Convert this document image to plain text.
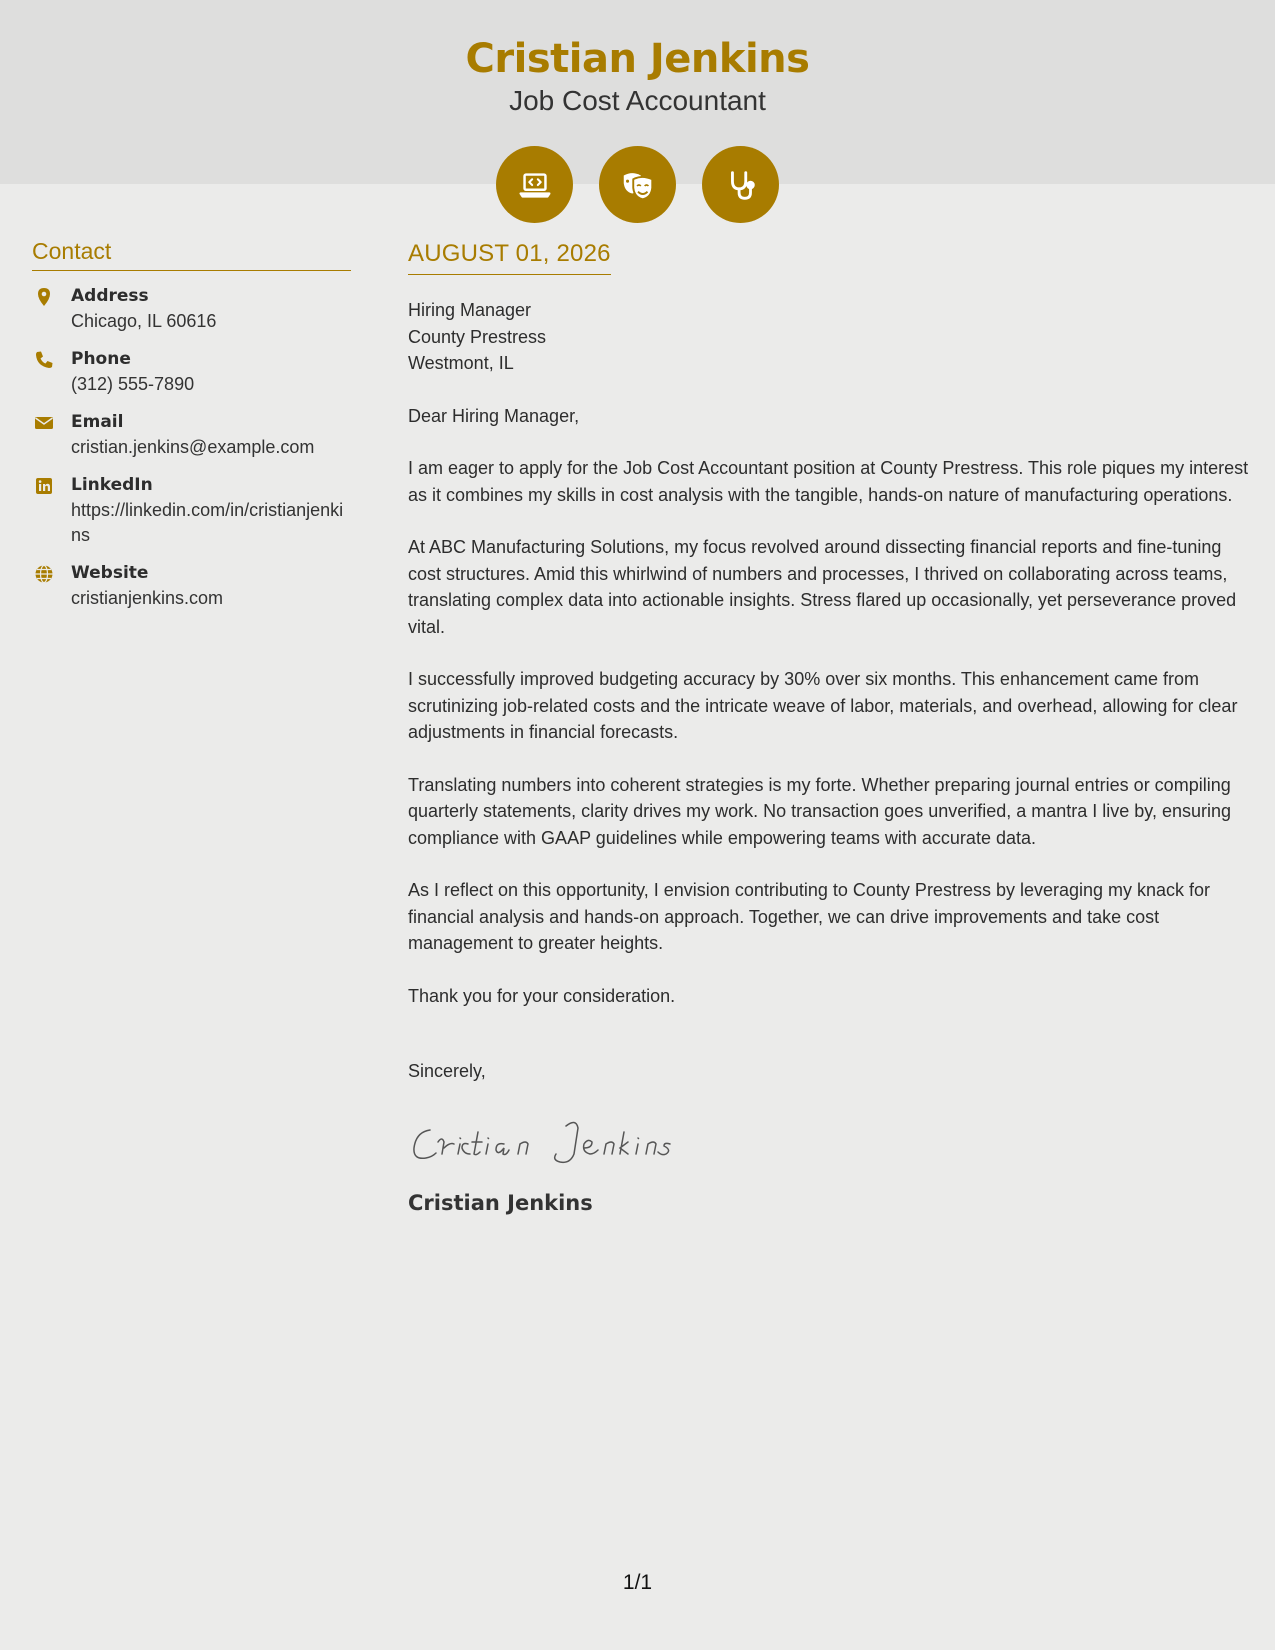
Cristian Jenkins
Job Cost Accountant
Contact
Address
Chicago, IL 60616
Phone
(312) 555-7890
Email
cristian.jenkins@example.com
LinkedIn
https://linkedin.com/in/cristianjenkins
Website
cristianjenkins.com
AUGUST 01, 2026
Hiring Manager
County Prestress
Westmont, IL

Dear Hiring Manager,

I am eager to apply for the Job Cost Accountant position at County Prestress. This role piques my interest as it combines my skills in cost analysis with the tangible, hands-on nature of manufacturing operations.

At ABC Manufacturing Solutions, my focus revolved around dissecting financial reports and fine-tuning cost structures. Amid this whirlwind of numbers and processes, I thrived on collaborating across teams, translating complex data into actionable insights. Stress flared up occasionally, yet perseverance proved vital.

I successfully improved budgeting accuracy by 30% over six months. This enhancement came from scrutinizing job-related costs and the intricate weave of labor, materials, and overhead, allowing for clear adjustments in financial forecasts.

Translating numbers into coherent strategies is my forte. Whether preparing journal entries or compiling quarterly statements, clarity drives my work. No transaction goes unverified, a mantra I live by, ensuring compliance with GAAP guidelines while empowering teams with accurate data.

As I reflect on this opportunity, I envision contributing to County Prestress by leveraging my knack for financial analysis and hands-on approach. Together, we can drive improvements and take cost management to greater heights.

Thank you for your consideration.

Sincerely,
Cristian Jenkins
1/1
